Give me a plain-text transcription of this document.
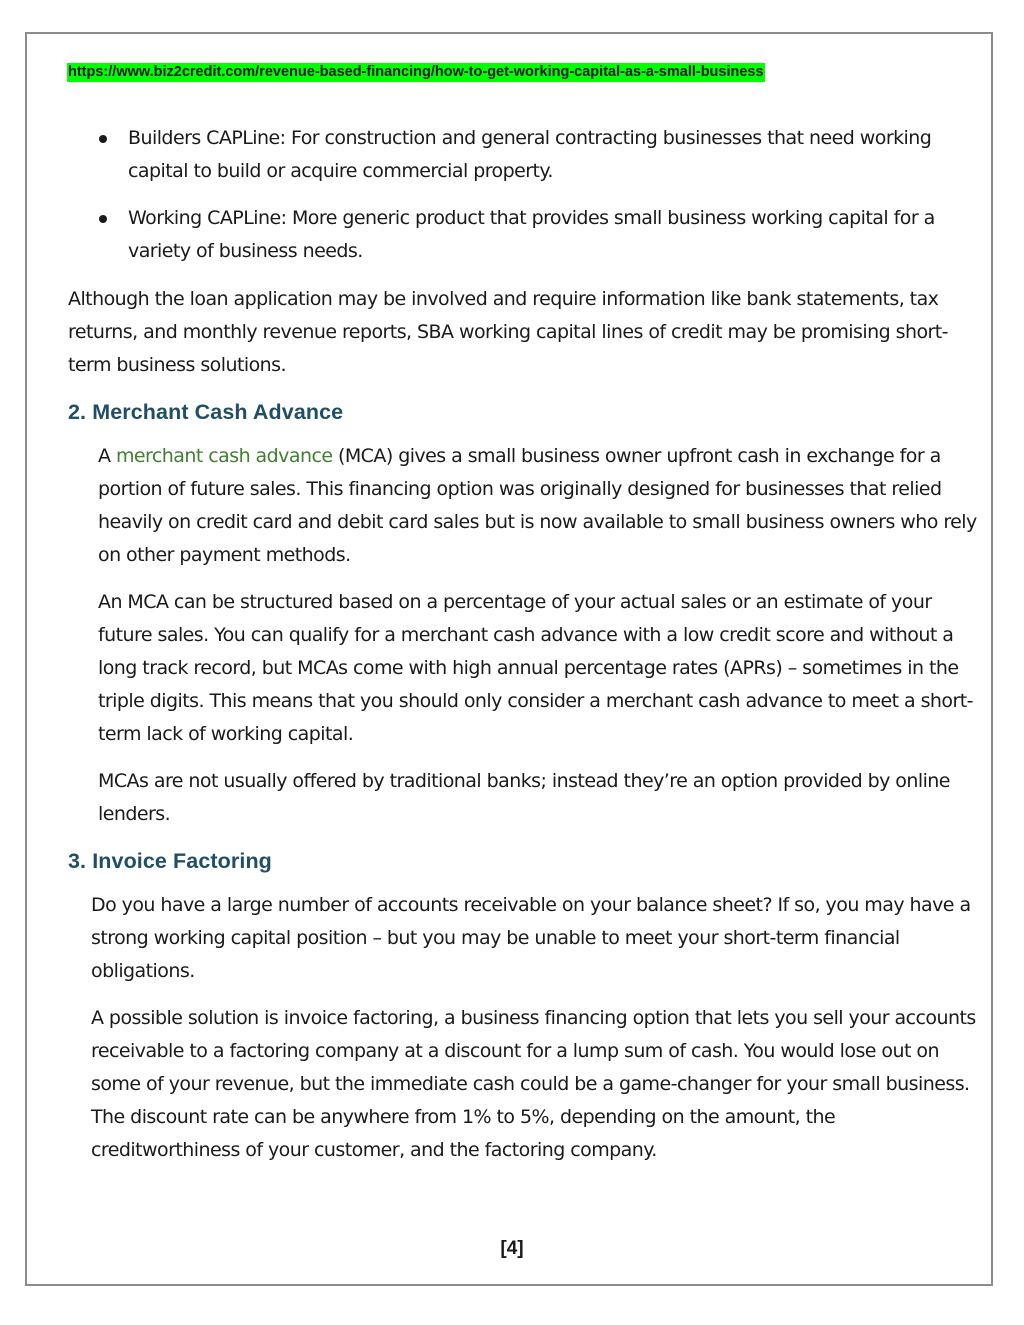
https://www.biz2credit.com/revenue-based-financing/how-to-get-working-capital-as-a-small-business
Builders CAPLine: For construction and general contracting businesses that need working capital to build or acquire commercial property.
Working CAPLine: More generic product that provides small business working capital for a variety of business needs.

Although the loan application may be involved and require information like bank statements, tax returns, and monthly revenue reports, SBA working capital lines of credit may be promising short-term business solutions.

2. Merchant Cash Advance

A merchant cash advance (MCA) gives a small business owner upfront cash in exchange for a portion of future sales. This financing option was originally designed for businesses that relied heavily on credit card and debit card sales but is now available to small business owners who rely on other payment methods.

An MCA can be structured based on a percentage of your actual sales or an estimate of your future sales. You can qualify for a merchant cash advance with a low credit score and without a long track record, but MCAs come with high annual percentage rates (APRs) – sometimes in the triple digits. This means that you should only consider a merchant cash advance to meet a short-term lack of working capital.

MCAs are not usually offered by traditional banks; instead they’re an option provided by online lenders.

3. Invoice Factoring

Do you have a large number of accounts receivable on your balance sheet? If so, you may have a strong working capital position – but you may be unable to meet your short-term financial obligations.

A possible solution is invoice factoring, a business financing option that lets you sell your accounts receivable to a factoring company at a discount for a lump sum of cash. You would lose out on some of your revenue, but the immediate cash could be a game-changer for your small business. The discount rate can be anywhere from 1% to 5%, depending on the amount, the creditworthiness of your customer, and the factoring company.

[4]
